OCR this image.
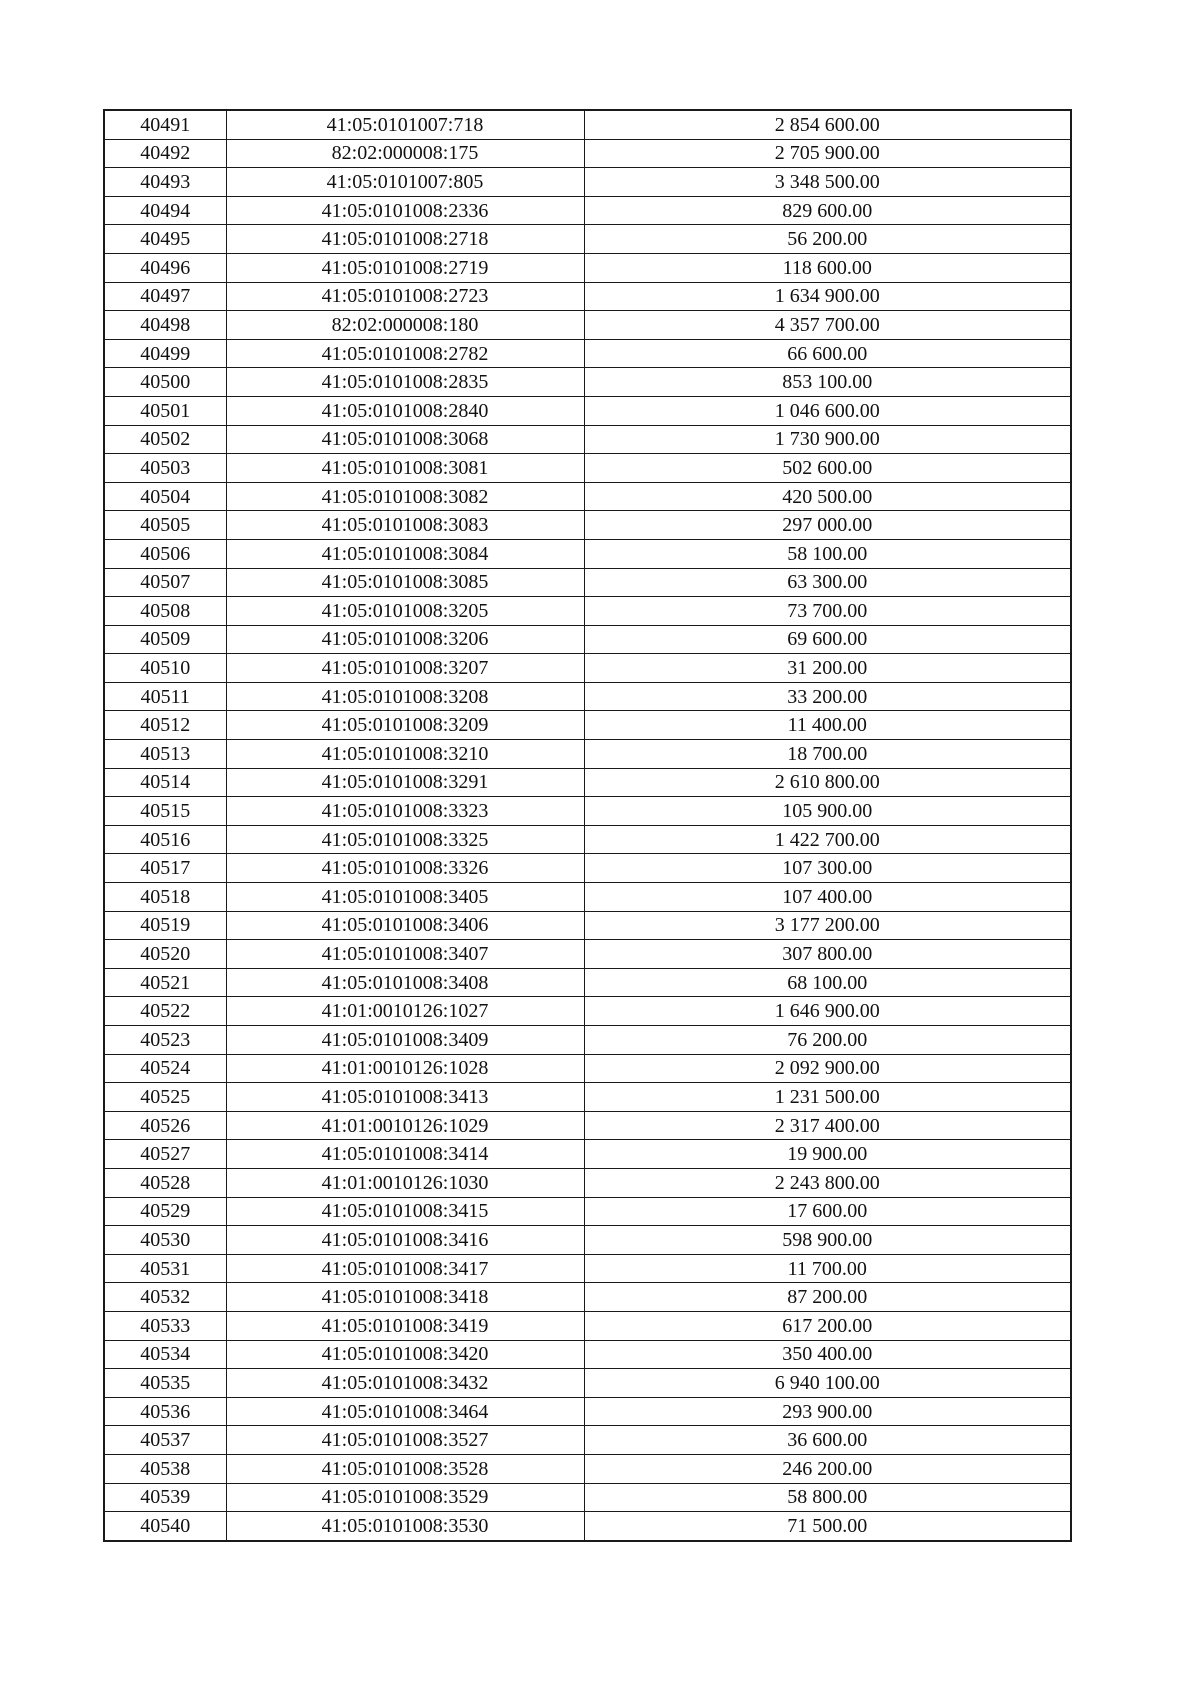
40491	41:05:0101007:718	2 854 600.00
40492	82:02:000008:175	2 705 900.00
40493	41:05:0101007:805	3 348 500.00
40494	41:05:0101008:2336	829 600.00
40495	41:05:0101008:2718	56 200.00
40496	41:05:0101008:2719	118 600.00
40497	41:05:0101008:2723	1 634 900.00
40498	82:02:000008:180	4 357 700.00
40499	41:05:0101008:2782	66 600.00
40500	41:05:0101008:2835	853 100.00
40501	41:05:0101008:2840	1 046 600.00
40502	41:05:0101008:3068	1 730 900.00
40503	41:05:0101008:3081	502 600.00
40504	41:05:0101008:3082	420 500.00
40505	41:05:0101008:3083	297 000.00
40506	41:05:0101008:3084	58 100.00
40507	41:05:0101008:3085	63 300.00
40508	41:05:0101008:3205	73 700.00
40509	41:05:0101008:3206	69 600.00
40510	41:05:0101008:3207	31 200.00
40511	41:05:0101008:3208	33 200.00
40512	41:05:0101008:3209	11 400.00
40513	41:05:0101008:3210	18 700.00
40514	41:05:0101008:3291	2 610 800.00
40515	41:05:0101008:3323	105 900.00
40516	41:05:0101008:3325	1 422 700.00
40517	41:05:0101008:3326	107 300.00
40518	41:05:0101008:3405	107 400.00
40519	41:05:0101008:3406	3 177 200.00
40520	41:05:0101008:3407	307 800.00
40521	41:05:0101008:3408	68 100.00
40522	41:01:0010126:1027	1 646 900.00
40523	41:05:0101008:3409	76 200.00
40524	41:01:0010126:1028	2 092 900.00
40525	41:05:0101008:3413	1 231 500.00
40526	41:01:0010126:1029	2 317 400.00
40527	41:05:0101008:3414	19 900.00
40528	41:01:0010126:1030	2 243 800.00
40529	41:05:0101008:3415	17 600.00
40530	41:05:0101008:3416	598 900.00
40531	41:05:0101008:3417	11 700.00
40532	41:05:0101008:3418	87 200.00
40533	41:05:0101008:3419	617 200.00
40534	41:05:0101008:3420	350 400.00
40535	41:05:0101008:3432	6 940 100.00
40536	41:05:0101008:3464	293 900.00
40537	41:05:0101008:3527	36 600.00
40538	41:05:0101008:3528	246 200.00
40539	41:05:0101008:3529	58 800.00
40540	41:05:0101008:3530	71 500.00
